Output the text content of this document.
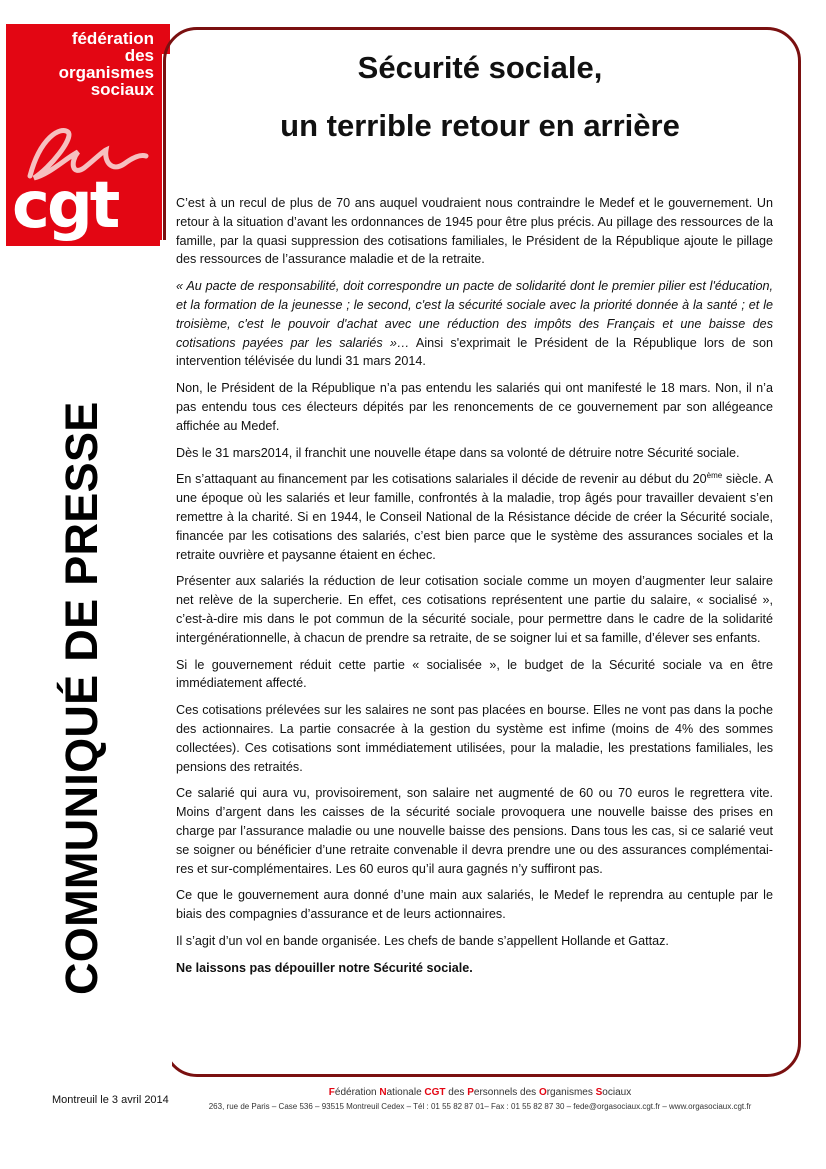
fédération
des
organismes
sociaux
cgt
COMMUNIQUÉ DE PRESSE
Sécurité sociale,
un terrible retour en arrière

C’est à un recul de plus de 70 ans auquel voudraient nous contraindre le Medef et le gouvernement. Un retour à la situation d’avant les ordonnances de 1945 pour être plus précis. Au pillage des ressources de la famille, par la quasi suppression des cotisations familiales, le Président de la République ajoute le pillage des ressources de l’assurance maladie et de la retraite.

« Au pacte de responsabilité, doit correspondre un pacte de solidarité dont le premier pilier est l'éducation, et la formation de la jeunesse ; le second, c'est la sécurité sociale avec la priorité donnée à la santé ; et le troisième, c'est le pouvoir d'achat avec une réduction des impôts des Français et une baisse des cotisations payées par les salariés »… Ainsi s'exprimait le Président de la République lors de son intervention télévisée du lundi 31 mars 2014.

Non, le Président de la République n’a pas entendu les salariés qui ont manifesté le 18 mars. Non, il n’a pas entendu tous ces électeurs dépités par les renoncements de ce gouvernement par son allégeance affichée au Medef.

Dès le 31 mars2014, il franchit une nouvelle étape dans sa volonté de détruire notre Sécurité sociale.

En s’attaquant au financement par les cotisations salariales il décide de revenir au début du 20ème siècle. A une époque où les salariés et leur famille, confrontés à la maladie, trop âgés pour travailler devaient s’en remettre à la charité. Si en 1944, le Conseil National de la Résistance décide de créer la Sécurité sociale, financée par les cotisations des salariés, c’est bien parce que le système des assurances sociales et la retraite ouvrière et paysanne étaient en échec.

Présenter aux salariés la réduction de leur cotisation sociale comme un moyen d’augmenter leur salaire net relève de la supercherie. En effet, ces cotisations représentent une partie du salaire, « socialisé », c’est-à-dire mis dans le pot commun de la sécurité sociale, pour permettre dans le cadre de la solidarité intergénérationnelle, à chacun de prendre sa retraite, de se soigner lui et sa famille, d’élever ses enfants.

Si le gouvernement réduit cette partie « socialisée », le budget de la Sécurité sociale va en être immédiatement affecté.

Ces cotisations prélevées sur les salaires ne sont pas placées en bourse. Elles ne vont pas dans la poche des actionnaires. La partie consacrée à la gestion du système est infime (moins de 4% des sommes collectées). Ces cotisations sont immédiatement utilisées, pour la maladie, les prestations familiales, les pensions des retraités.

Ce salarié qui aura vu, provisoirement, son salaire net augmenté de 60 ou 70 euros le regrettera vite. Moins d’argent dans les caisses de la sécurité sociale provoquera une nouvelle baisse des prises en charge par l’assurance maladie ou une nouvelle baisse des pensions. Dans tous les cas, si ce salarié veut se soigner ou bénéficier d’une retraite convenable il devra prendre une ou des assurances complémentai-res et sur-complémentaires. Les 60 euros qu’il aura gagnés n’y suffiront pas.

Ce que le gouvernement aura donné d’une main aux salariés, le Medef le reprendra au centuple par le biais des compagnies d’assurance et de leurs actionnaires.

Il s’agit d’un vol en bande organisée. Les chefs de bande s’appellent Hollande et Gattaz.

Ne laissons pas dépouiller notre Sécurité sociale.

Montreuil le 3 avril 2014
Fédération Nationale CGT des Personnels des Organismes Sociaux
263, rue de Paris – Case 536 – 93515 Montreuil Cedex – Tél : 01 55 82 87 01– Fax : 01 55 82 87 30 – fede@orgasociaux.cgt.fr – www.orgasociaux.cgt.fr
